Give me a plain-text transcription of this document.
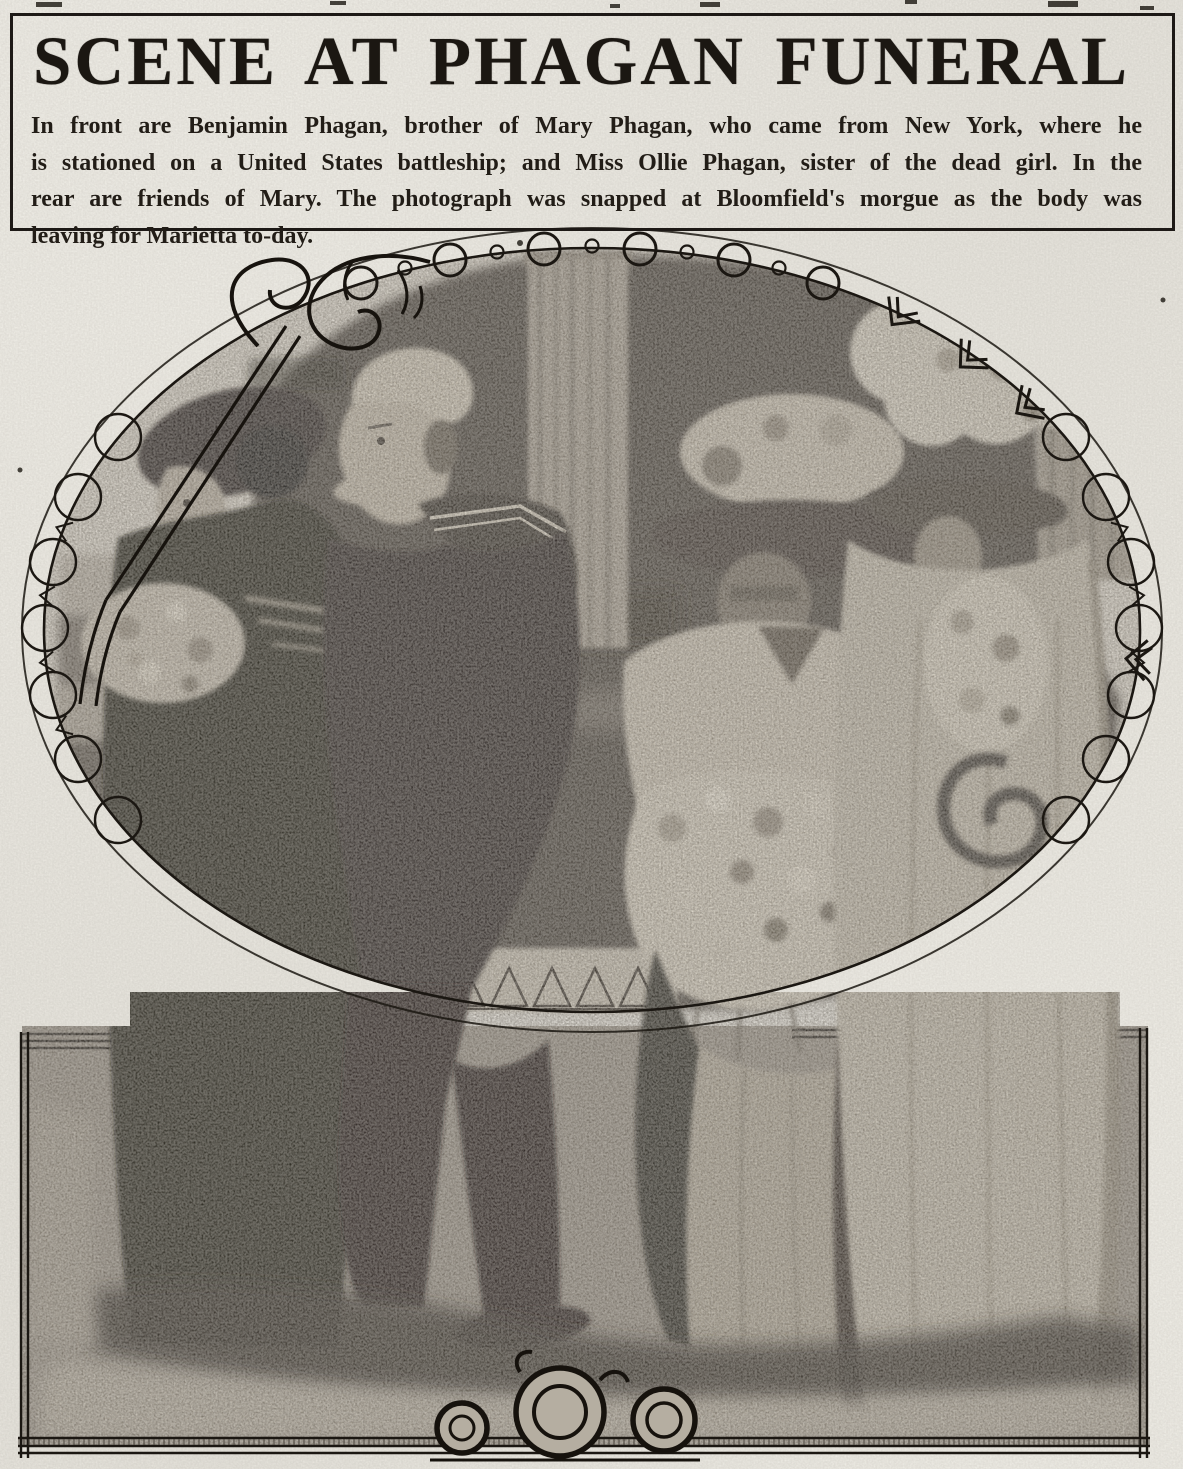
SCENE AT PHAGAN FUNERAL
In front are Benjamin Phagan, brother of Mary Phagan, who came from New York, where he
is stationed on a United States battleship; and Miss Ollie Phagan, sister of the dead girl. In the
rear are friends of Mary. The photograph was snapped at Bloomfield's morgue as the body was
leaving for Marietta to-day.
